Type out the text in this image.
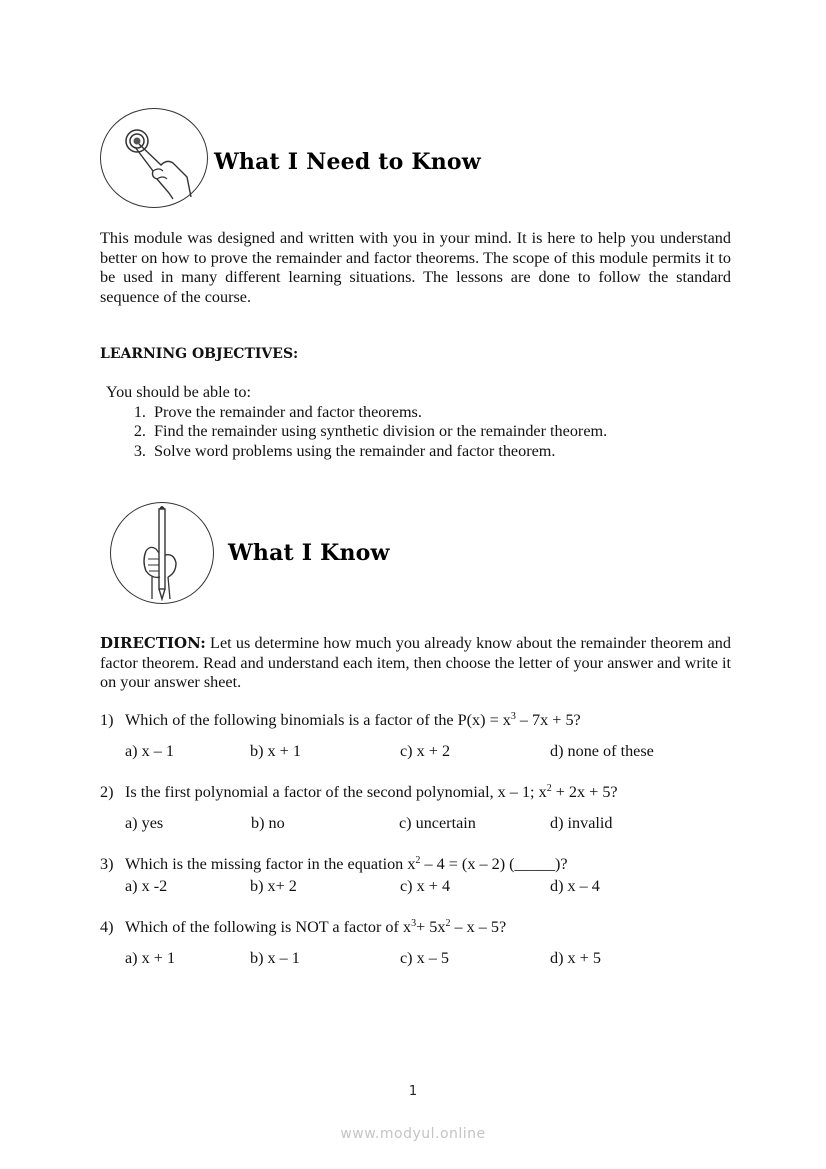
What I Need to Know
This module was designed and written with you in your mind. It is here to help you understand better on how to prove the remainder and factor theorems. The scope of this module permits it to be used in many different learning situations. The lessons are done to follow the standard sequence of the course.
LEARNING OBJECTIVES:
You should be able to:
1. Prove the remainder and factor theorems.
2. Find the remainder using synthetic division or the remainder theorem.
3. Solve word problems using the remainder and factor theorem.
What I Know
DIRECTION: Let us determine how much you already know about the remainder theorem and factor theorem. Read and understand each item, then choose the letter of your answer and write it on your answer sheet.
1) Which of the following binomials is a factor of the $P(x) = x^3 - 7x + 5$?
a) x – 1	b) x + 1	c) x + 2	d) none of these
2) Is the first polynomial a factor of the second polynomial, x – 1; $x^2 + 2x + 5$?
a) yes	b) no	c) uncertain	d) invalid
3) Which is the missing factor in the equation $x^2 - 4 = (x - 2)$ (_____)?
a) x -2	b) x+ 2	c) x + 4	d) x – 4
4) Which of the following is NOT a factor of $x^3+ 5x^2 - x - 5$?
a) x + 1	b) x – 1	c) x – 5	d) x + 5
1
www.modyul.online
